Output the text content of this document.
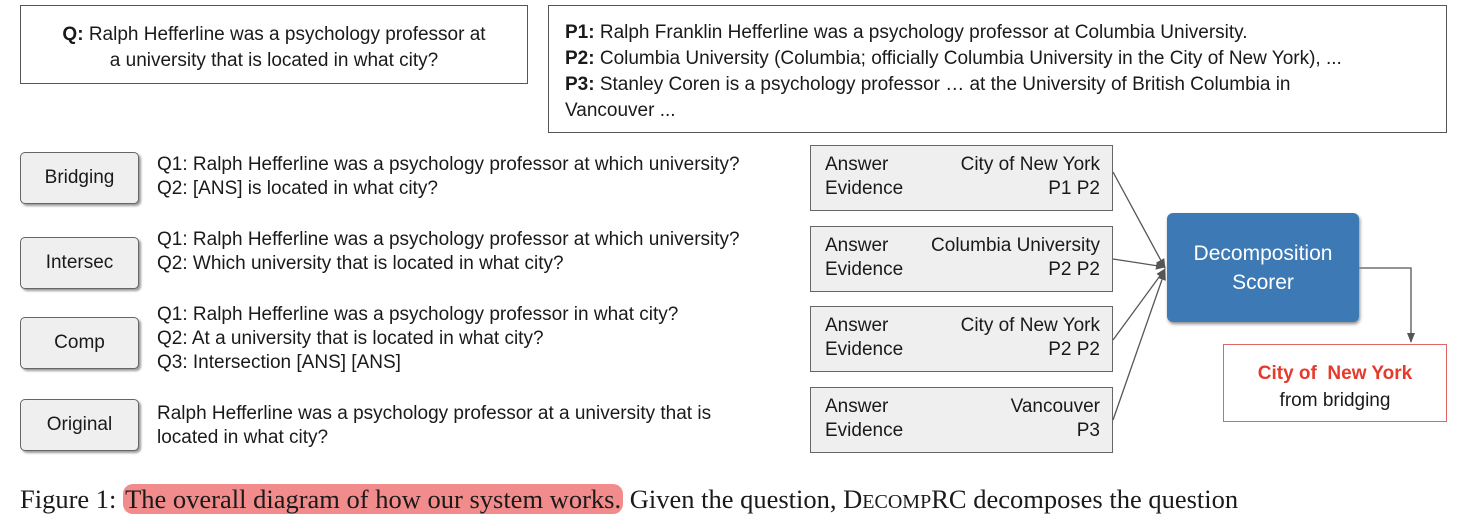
Q: Ralph Hefferline was a psychology professor at
a university that is located in what city?
P1: Ralph Franklin Hefferline was a psychology professor at Columbia University.
P2: Columbia University (Columbia; officially Columbia University in the City of New York), ...
P3: Stanley Coren is a psychology professor … at the University of British Columbia in
Vancouver ...
Bridging
Q1: Ralph Hefferline was a psychology professor at which university?
Q2: [ANS] is located in what city?
Answer	City of New York
Evidence	P1 P2
Intersec
Q1: Ralph Hefferline was a psychology professor at which university?
Q2: Which university that is located in what city?
Answer Columbia University
Evidence	P2 P2
Comp
Q1: Ralph Hefferline was a psychology professor in what city?
Q2: At a university that is located in what city?
Q3: Intersection [ANS] [ANS]
Answer	City of New York
Evidence	P2 P2
Original
Ralph Hefferline was a psychology professor at a university that is
located in what city?
Answer	Vancouver
Evidence	P3
Decomposition
Scorer
City of  New York
from bridging
Figure 1: The overall diagram of how our system works. Given the question, DECOMPRC decomposes the question
